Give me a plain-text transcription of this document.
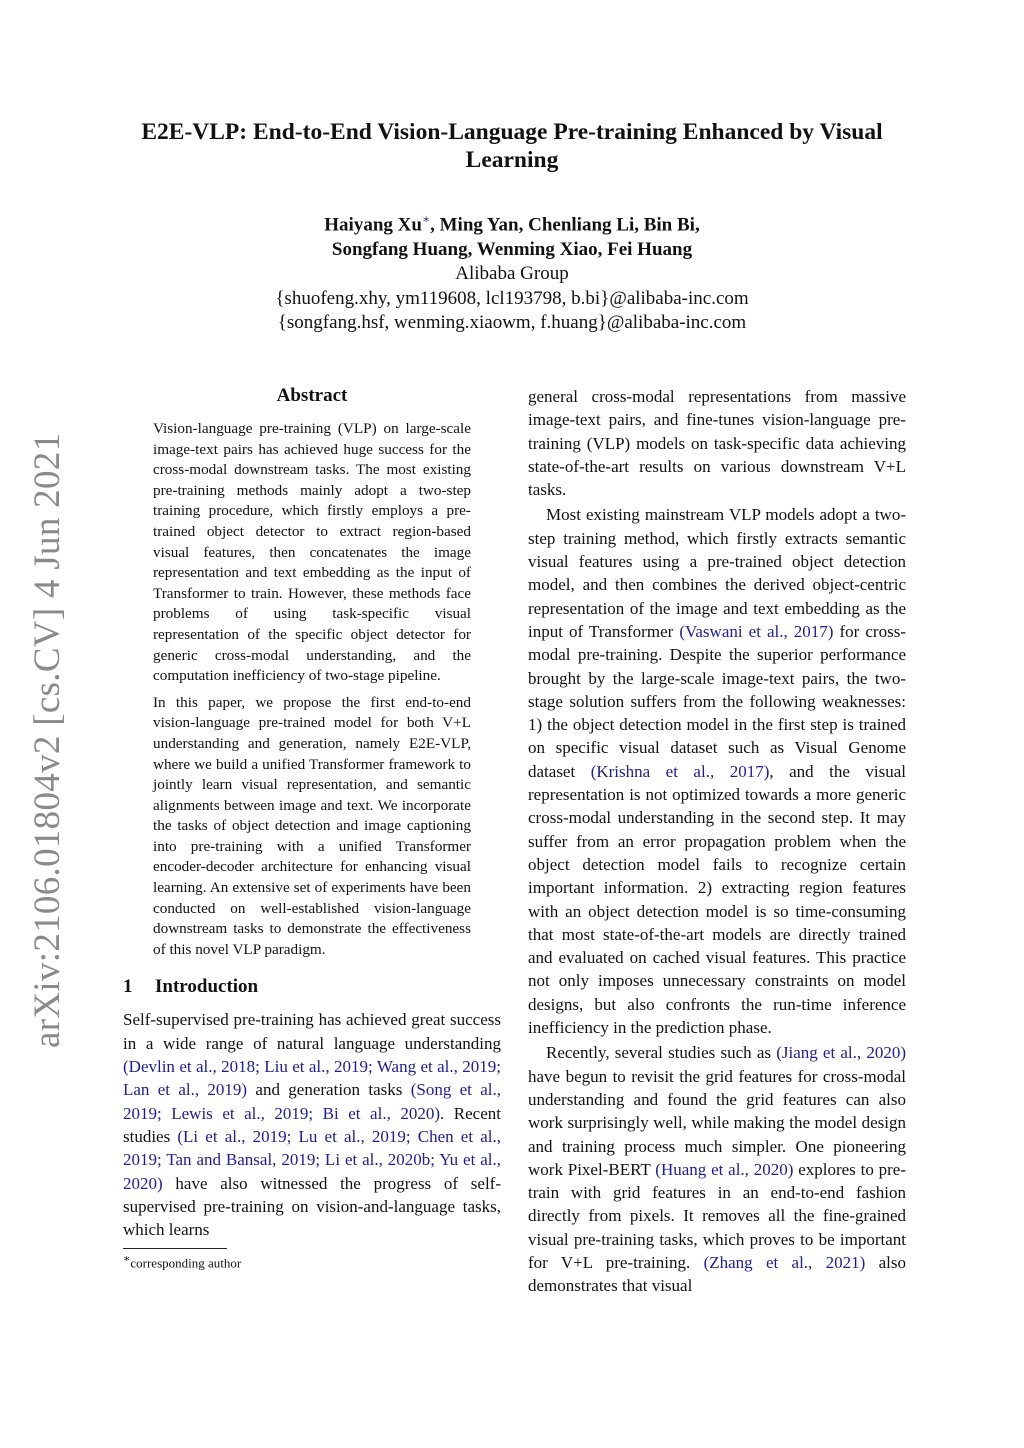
arXiv:2106.01804v2 [cs.CV] 4 Jun 2021
E2E-VLP: End-to-End Vision-Language Pre-training Enhanced by Visual Learning
Haiyang Xu∗, Ming Yan, Chenliang Li, Bin Bi,
Songfang Huang, Wenming Xiao, Fei Huang
Alibaba Group
{shuofeng.xhy, ym119608, lcl193798, b.bi}@alibaba-inc.com
{songfang.hsf, wenming.xiaowm, f.huang}@alibaba-inc.com
Abstract

Vision-language pre-training (VLP) on large-scale image-text pairs has achieved huge success for the cross-modal downstream tasks. The most existing pre-training methods mainly adopt a two-step training procedure, which firstly employs a pre-trained object detector to extract region-based visual features, then concatenates the image representation and text embedding as the input of Transformer to train. However, these methods face problems of using task-specific visual representation of the specific object detector for generic cross-modal understanding, and the computation inefficiency of two-stage pipeline.

In this paper, we propose the first end-to-end vision-language pre-trained model for both V+L understanding and generation, namely E2E-VLP, where we build a unified Transformer framework to jointly learn visual representation, and semantic alignments between image and text. We incorporate the tasks of object detection and image captioning into pre-training with a unified Transformer encoder-decoder architecture for enhancing visual learning. An extensive set of experiments have been conducted on well-established vision-language downstream tasks to demonstrate the effectiveness of this novel VLP paradigm.

1 Introduction

Self-supervised pre-training has achieved great success in a wide range of natural language understanding (Devlin et al., 2018; Liu et al., 2019; Wang et al., 2019; Lan et al., 2019) and generation tasks (Song et al., 2019; Lewis et al., 2019; Bi et al., 2020). Recent studies (Li et al., 2019; Lu et al., 2019; Chen et al., 2019; Tan and Bansal, 2019; Li et al., 2020b; Yu et al., 2020) have also witnessed the progress of self-supervised pre-training on vision-and-language tasks, which learns

∗corresponding author

general cross-modal representations from massive image-text pairs, and fine-tunes vision-language pre-training (VLP) models on task-specific data achieving state-of-the-art results on various downstream V+L tasks.

Most existing mainstream VLP models adopt a two-step training method, which firstly extracts semantic visual features using a pre-trained object detection model, and then combines the derived object-centric representation of the image and text embedding as the input of Transformer (Vaswani et al., 2017) for cross-modal pre-training. Despite the superior performance brought by the large-scale image-text pairs, the two-stage solution suffers from the following weaknesses: 1) the object detection model in the first step is trained on specific visual dataset such as Visual Genome dataset (Krishna et al., 2017), and the visual representation is not optimized towards a more generic cross-modal understanding in the second step. It may suffer from an error propagation problem when the object detection model fails to recognize certain important information. 2) extracting region features with an object detection model is so time-consuming that most state-of-the-art models are directly trained and evaluated on cached visual features. This practice not only imposes unnecessary constraints on model designs, but also confronts the run-time inference inefficiency in the prediction phase.

Recently, several studies such as (Jiang et al., 2020) have begun to revisit the grid features for cross-modal understanding and found the grid features can also work surprisingly well, while making the model design and training process much simpler. One pioneering work Pixel-BERT (Huang et al., 2020) explores to pre-train with grid features in an end-to-end fashion directly from pixels. It removes all the fine-grained visual pre-training tasks, which proves to be important for V+L pre-training. (Zhang et al., 2021) also demonstrates that visual
